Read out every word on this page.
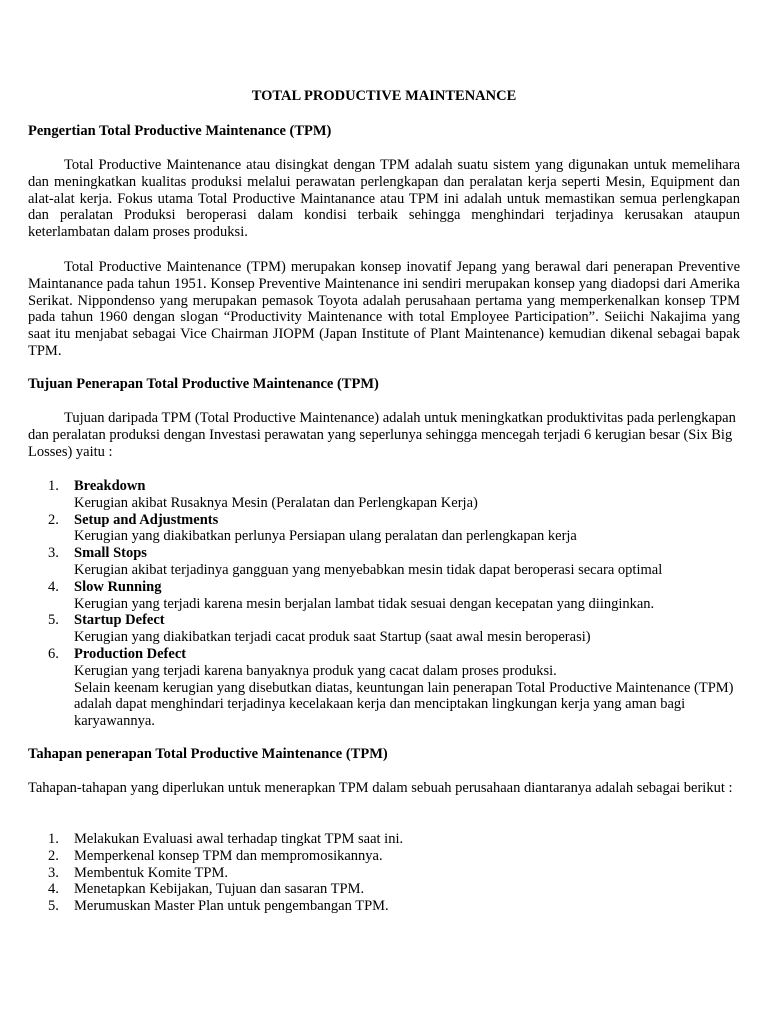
TOTAL PRODUCTIVE MAINTENANCE
Pengertian Total Productive Maintenance (TPM)

Total Productive Maintenance atau disingkat dengan TPM adalah suatu sistem yang digunakan untuk memelihara dan meningkatkan kualitas produksi melalui perawatan perlengkapan dan peralatan kerja seperti Mesin, Equipment dan alat-alat kerja. Fokus utama Total Productive Maintanance atau TPM ini adalah untuk memastikan semua perlengkapan dan peralatan Produksi beroperasi dalam kondisi terbaik sehingga menghindari terjadinya kerusakan ataupun keterlambatan dalam proses produksi.

Total Productive Maintenance (TPM) merupakan konsep inovatif Jepang yang berawal dari penerapan Preventive Maintanance pada tahun 1951. Konsep Preventive Maintenance ini sendiri merupakan konsep yang diadopsi dari Amerika Serikat. Nippondenso yang merupakan pemasok Toyota adalah perusahaan pertama yang memperkenalkan konsep TPM pada tahun 1960 dengan slogan “Productivity Maintenance with total Employee Participation”. Seiichi Nakajima yang saat itu menjabat sebagai Vice Chairman JIOPM (Japan Institute of Plant Maintenance) kemudian dikenal sebagai bapak TPM.

Tujuan Penerapan Total Productive Maintenance (TPM)

Tujuan daripada TPM (Total Productive Maintenance) adalah untuk meningkatkan produktivitas pada perlengkapan dan peralatan produksi dengan Investasi perawatan yang seperlunya sehingga mencegah terjadi 6 kerugian besar (Six Big Losses) yaitu :

1. Breakdown
Kerugian akibat Rusaknya Mesin (Peralatan dan Perlengkapan Kerja)
2. Setup and Adjustments
Kerugian yang diakibatkan perlunya Persiapan ulang peralatan dan perlengkapan kerja
3. Small Stops
Kerugian akibat terjadinya gangguan yang menyebabkan mesin tidak dapat beroperasi secara optimal
4. Slow Running
Kerugian yang terjadi karena mesin berjalan lambat tidak sesuai dengan kecepatan yang diinginkan.
5. Startup Defect
Kerugian yang diakibatkan terjadi cacat produk saat Startup (saat awal mesin beroperasi)
6. Production Defect
Kerugian yang terjadi karena banyaknya produk yang cacat dalam proses produksi.
Selain keenam kerugian yang disebutkan diatas, keuntungan lain penerapan Total Productive Maintenance (TPM) adalah dapat menghindari terjadinya kecelakaan kerja dan menciptakan lingkungan kerja yang aman bagi karyawannya.
Tahapan penerapan Total Productive Maintenance (TPM)

Tahapan-tahapan yang diperlukan untuk menerapkan TPM dalam sebuah perusahaan diantaranya adalah sebagai berikut :

1. Melakukan Evaluasi awal terhadap tingkat TPM saat ini.
2. Memperkenal konsep TPM dan mempromosikannya.
3. Membentuk Komite TPM.
4. Menetapkan Kebijakan, Tujuan dan sasaran TPM.
5. Merumuskan Master Plan untuk pengembangan TPM.
